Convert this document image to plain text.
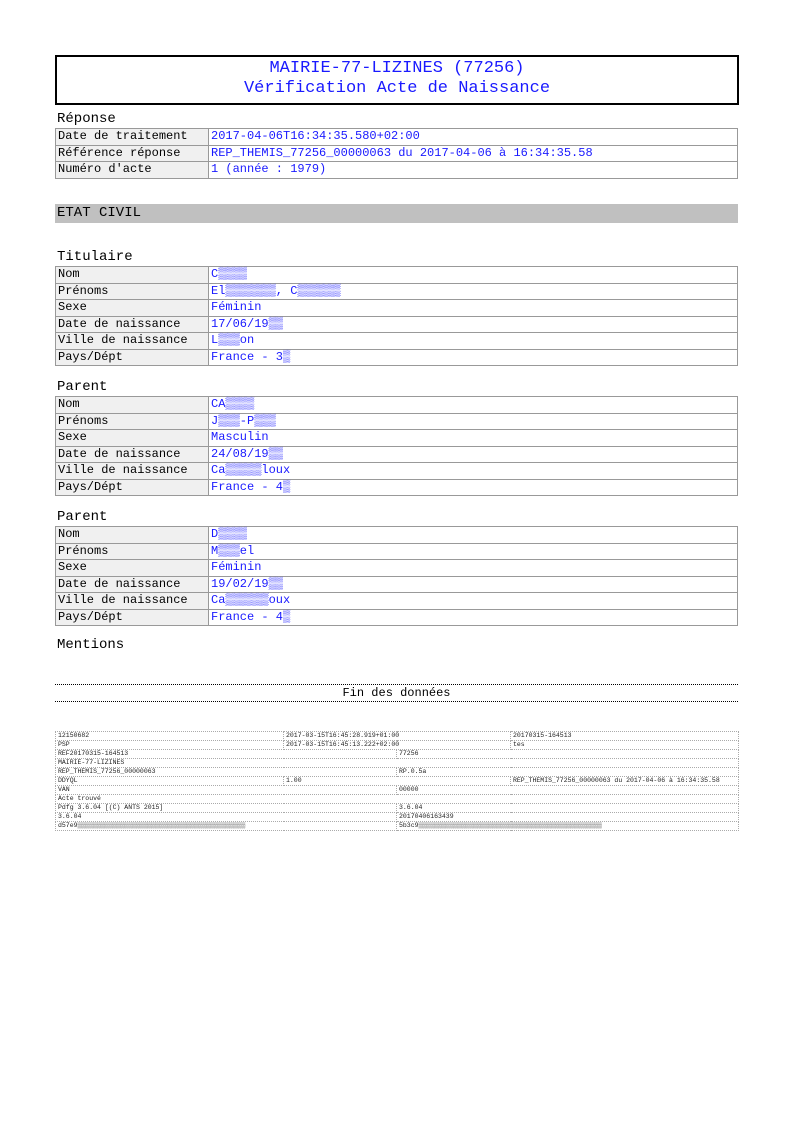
MAIRIE-77-LIZINES (77256)
Vérification Acte de Naissance
Réponse
Date de traitement	2017-04-06T16:34:35.580+02:00
Référence réponse	REP_THEMIS_77256_00000063 du 2017-04-06 à 16:34:35.58
Numéro d'acte	1 (année : 1979)
ETAT CIVIL
Titulaire
Nom	C▒▒▒▒
Prénoms	El▒▒▒▒▒▒▒, C▒▒▒▒▒▒
Sexe	Féminin
Date de naissance	17/06/19▒▒
Ville de naissance	L▒▒▒on
Pays/Dépt	France - 3▒
Parent
Nom	CA▒▒▒▒
Prénoms	J▒▒▒-P▒▒▒
Sexe	Masculin
Date de naissance	24/08/19▒▒
Ville de naissance	Ca▒▒▒▒▒loux
Pays/Dépt	France - 4▒
Parent
Nom	D▒▒▒▒
Prénoms	M▒▒▒el
Sexe	Féminin
Date de naissance	19/02/19▒▒
Ville de naissance	Ca▒▒▒▒▒▒oux
Pays/Dépt	France - 4▒
Mentions
Fin des données
12150682	2017-03-15T16:45:28.919+01:00		20170315-164513
PSP	2017-03-15T16:45:13.222+02:00		tes
REF20170315-164513		77256	
MAIRIE-77-LIZINES			
REP_THEMIS_77256_00000063		RP.0.5a	
DDYQL	1.00		REP_THEMIS_77256_00000063 du 2017-04-06 à 16:34:35.58
VAN		00000	
Acte trouvé			
Pdfg 3.6.04 [(C) ANTS 2015]		3.6.04	
3.6.04		20170406163439	
d57e9▒▒▒▒▒▒▒▒▒▒▒▒▒▒▒▒▒▒▒▒▒▒▒▒▒▒▒▒▒▒▒▒▒▒▒▒▒▒▒▒▒▒▒		5b3c9▒▒▒▒▒▒▒▒▒▒▒▒▒▒▒▒▒▒▒▒▒▒▒▒▒▒▒▒▒▒▒▒▒▒▒▒▒▒▒▒▒▒▒▒▒▒▒	
